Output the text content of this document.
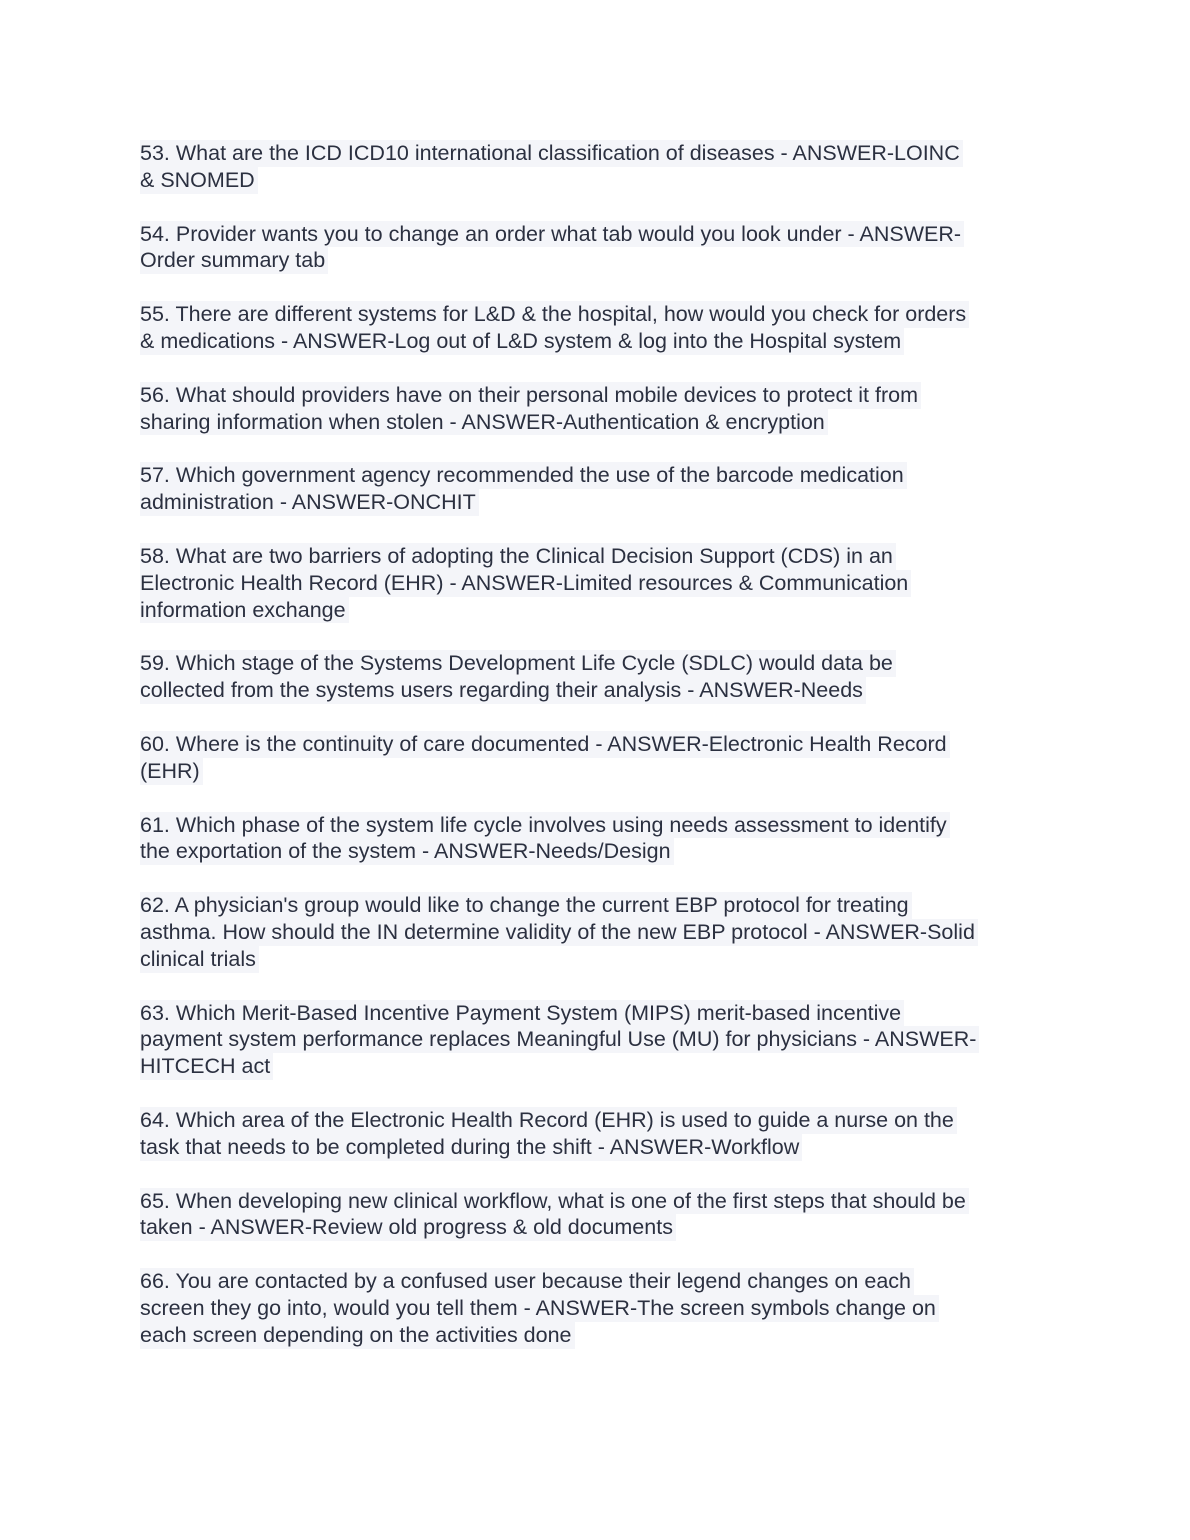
53. What are the ICD ICD10 international classification of diseases - ANSWER-LOINC
& SNOMED
54. Provider wants you to change an order what tab would you look under - ANSWER-
Order summary tab
55. There are different systems for L&D & the hospital, how would you check for orders
& medications - ANSWER-Log out of L&D system & log into the Hospital system
56. What should providers have on their personal mobile devices to protect it from
sharing information when stolen - ANSWER-Authentication & encryption
57. Which government agency recommended the use of the barcode medication
administration - ANSWER-ONCHIT
58. What are two barriers of adopting the Clinical Decision Support (CDS) in an
Electronic Health Record (EHR) - ANSWER-Limited resources & Communication
information exchange
59. Which stage of the Systems Development Life Cycle (SDLC) would data be
collected from the systems users regarding their analysis - ANSWER-Needs
60. Where is the continuity of care documented - ANSWER-Electronic Health Record
(EHR)
61. Which phase of the system life cycle involves using needs assessment to identify
the exportation of the system - ANSWER-Needs/Design
62. A physician's group would like to change the current EBP protocol for treating
asthma. How should the IN determine validity of the new EBP protocol - ANSWER-Solid
clinical trials
63. Which Merit-Based Incentive Payment System (MIPS) merit-based incentive
payment system performance replaces Meaningful Use (MU) for physicians - ANSWER-
HITCECH act
64. Which area of the Electronic Health Record (EHR) is used to guide a nurse on the
task that needs to be completed during the shift - ANSWER-Workflow
65. When developing new clinical workflow, what is one of the first steps that should be
taken - ANSWER-Review old progress & old documents
66. You are contacted by a confused user because their legend changes on each
screen they go into, would you tell them - ANSWER-The screen symbols change on
each screen depending on the activities done
